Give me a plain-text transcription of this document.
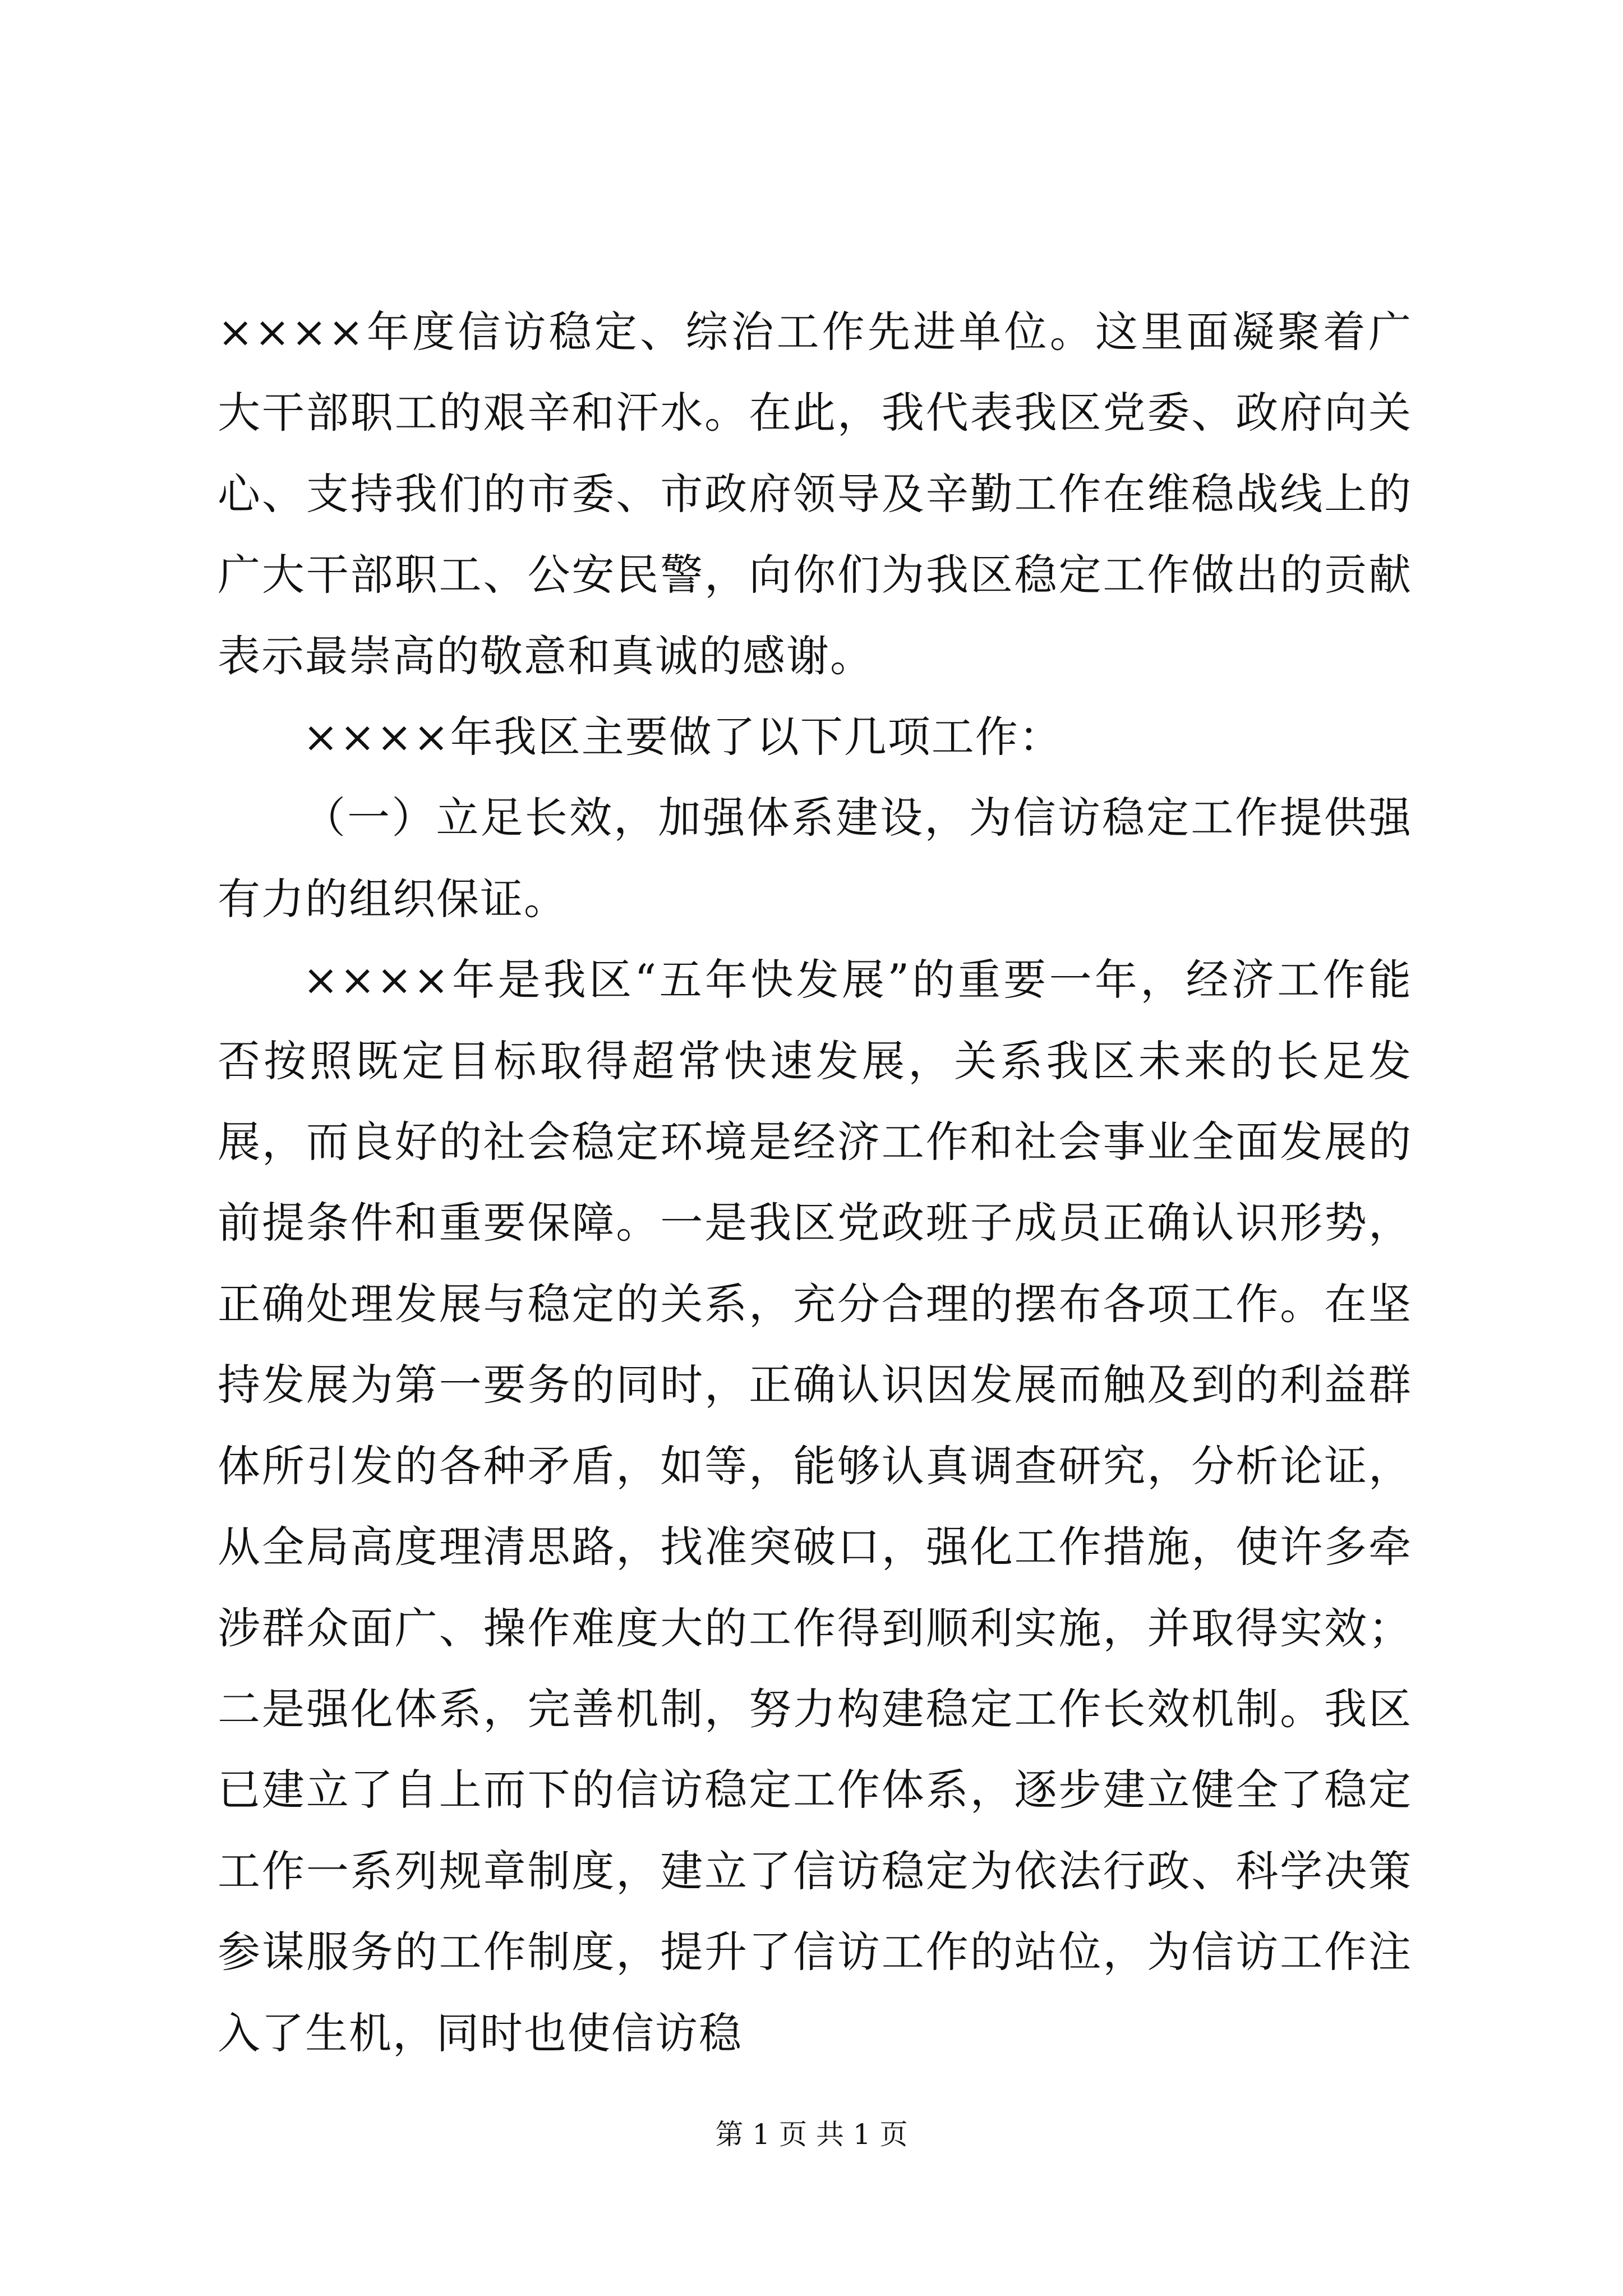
××××年度信访稳定、综治工作先进单位。这里面凝聚着广大干部职工的艰辛和汗水。在此，我代表我区党委、政府向关心、支持我们的市委、市政府领导及辛勤工作在维稳战线上的广大干部职工、公安民警，向你们为我区稳定工作做出的贡献表示最崇高的敬意和真诚的感谢。

××××年我区主要做了以下几项工作：

（一）立足长效，加强体系建设，为信访稳定工作提供强有力的组织保证。

××××年是我区“五年快发展”的重要一年，经济工作能否按照既定目标取得超常快速发展，关系我区未来的长足发展，而良好的社会稳定环境是经济工作和社会事业全面发展的前提条件和重要保障。一是我区党政班子成员正确认识形势，正确处理发展与稳定的关系，充分合理的摆布各项工作。在坚持发展为第一要务的同时，正确认识因发展而触及到的利益群体所引发的各种矛盾，如等，能够认真调查研究，分析论证，从全局高度理清思路，找准突破口，强化工作措施，使许多牵涉群众面广、操作难度大的工作得到顺利实施，并取得实效；二是强化体系，完善机制，努力构建稳定工作长效机制。我区已建立了自上而下的信访稳定工作体系，逐步建立健全了稳定工作一系列规章制度，建立了信访稳定为依法行政、科学决策参谋服务的工作制度，提升了信访工作的站位，为信访工作注入了生机，同时也使信访稳

第 1 页 共 1 页
